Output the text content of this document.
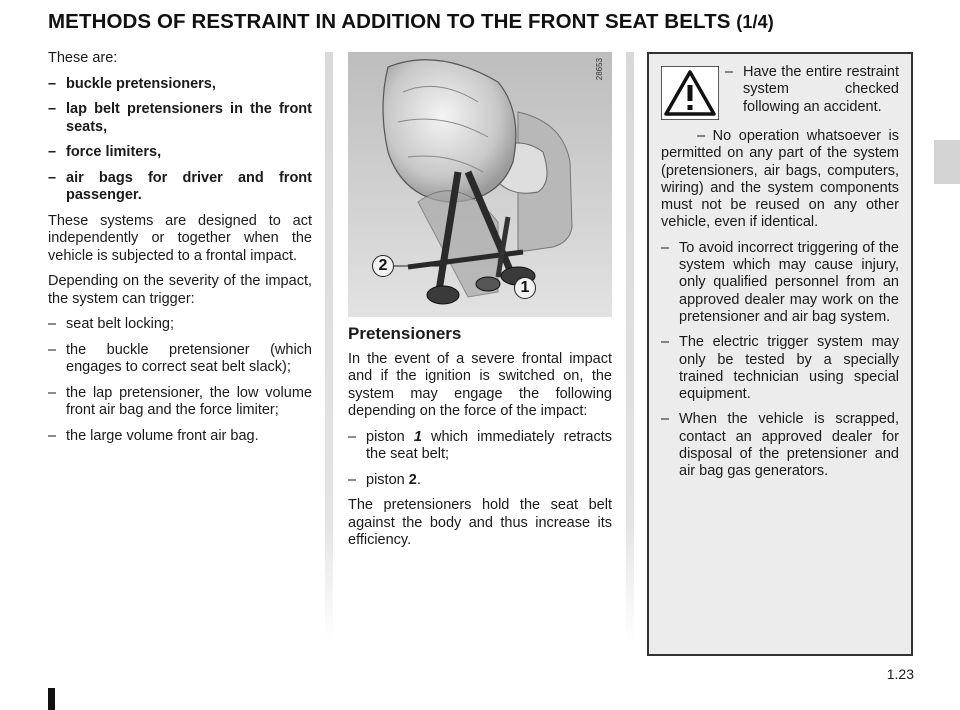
METHODS OF RESTRAINT IN ADDITION TO THE FRONT SEAT BELTS (1/4)

These are:

– buckle pretensioners,
– lap belt pretensioners in the front seats,
– force limiters,
– air bags for driver and front passenger.

These systems are designed to act independently or together when the vehicle is subjected to a frontal impact.

Depending on the severity of the impact, the system can trigger:

– seat belt locking;
– the buckle pretensioner (which engages to correct seat belt slack);
– the lap pretensioner, the low volume front air bag and the force limiter;
– the large volume front air bag.
28653
2
1
Pretensioners

In the event of a severe frontal impact and if the ignition is switched on, the system may engage the following depending on the force of the impact:

– piston 1 which immediately retracts the seat belt;
– piston 2.

The pretensioners hold the seat belt against the body and thus increase its efficiency.

– Have the entire restraint system checked following an accident.

– No operation whatsoever is permitted on any part of the system (pretensioners, air bags, computers, wiring) and the system components must not be reused on any other vehicle, even if identical.

– To avoid incorrect triggering of the system which may cause injury, only qualified personnel from an approved dealer may work on the pretensioner and air bag system.
– The electric trigger system may only be tested by a specially trained technician using special equipment.
– When the vehicle is scrapped, contact an approved dealer for disposal of the pretensioner and air bag gas generators.
1.23
